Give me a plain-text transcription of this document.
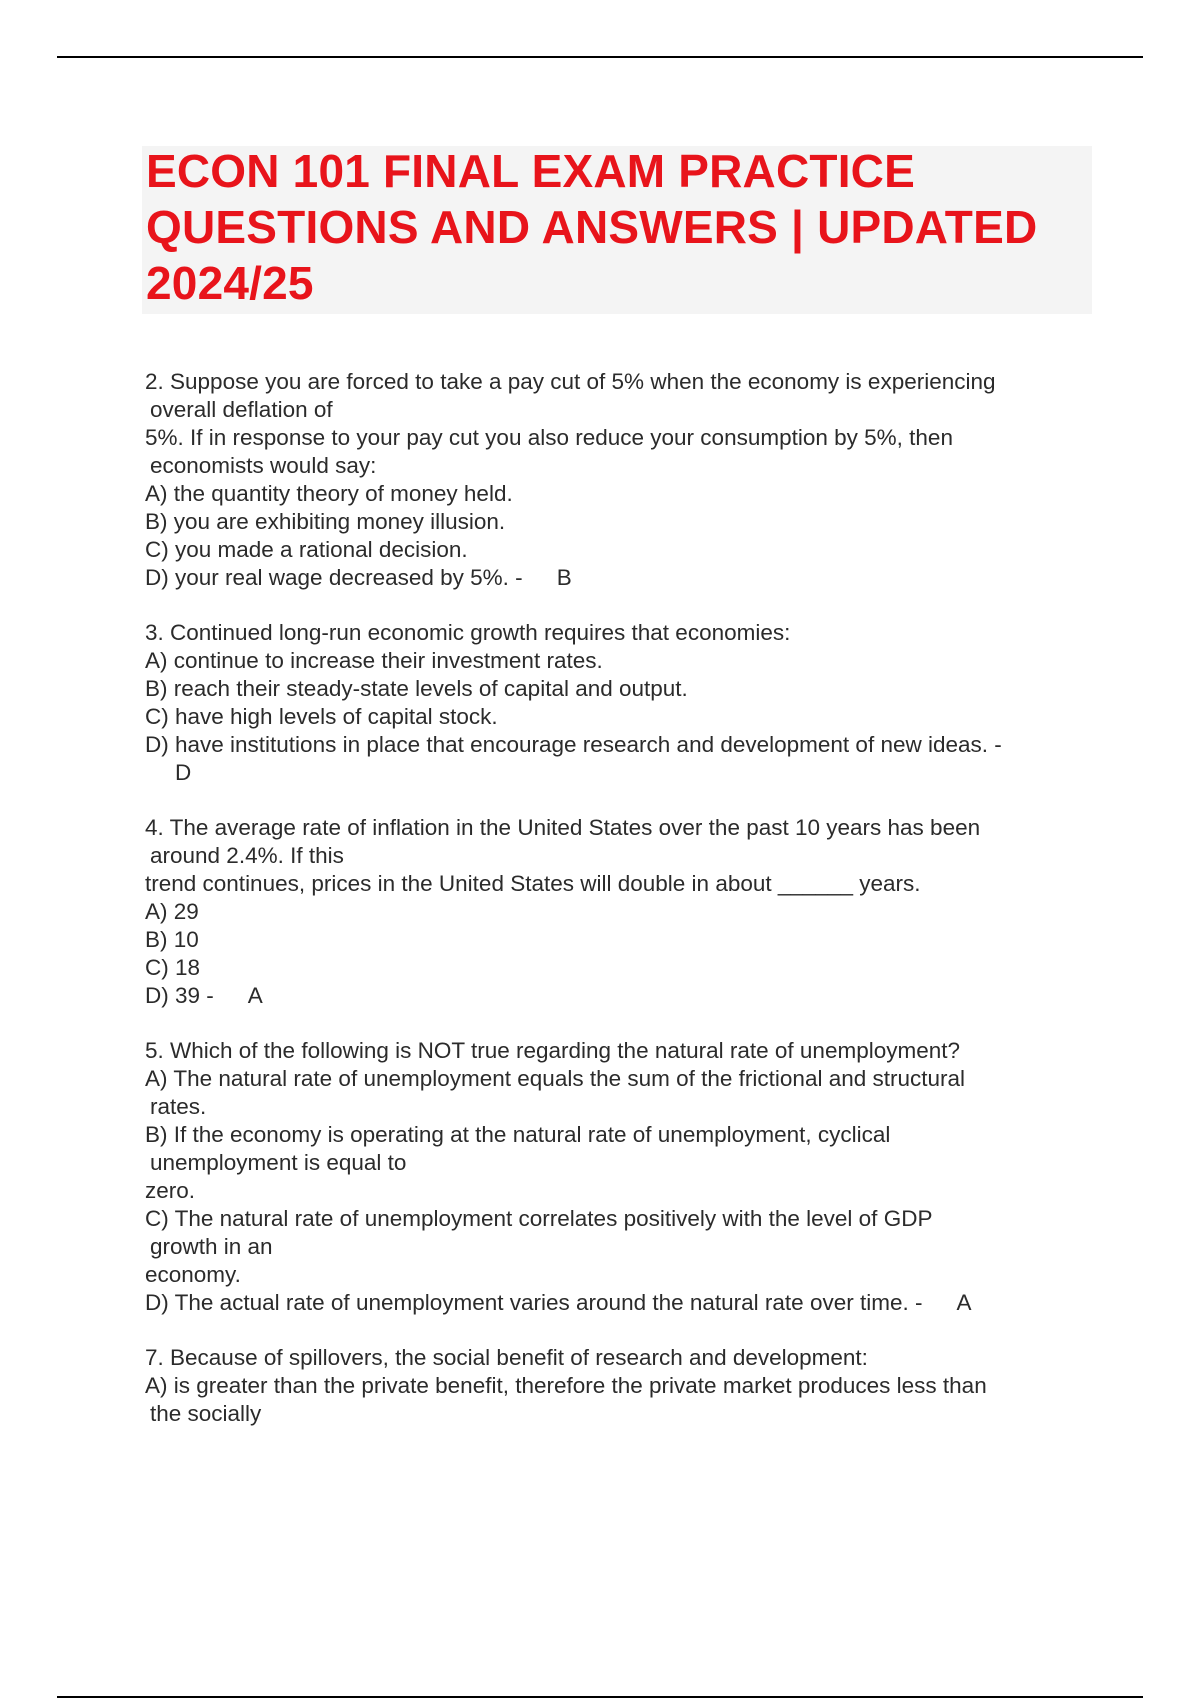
ECON 101 FINAL EXAM PRACTICE
QUESTIONS AND ANSWERS | UPDATED
2024/25
2. Suppose you are forced to take a pay cut of 5% when the economy is experiencing
overall deflation of
5%. If in response to your pay cut you also reduce your consumption by 5%, then
economists would say:
A) the quantity theory of money held.
B) you are exhibiting money illusion.
C) you made a rational decision.
D) your real wage decreased by 5%. - B
3. Continued long-run economic growth requires that economies:
A) continue to increase their investment rates.
B) reach their steady-state levels of capital and output.
C) have high levels of capital stock.
D) have institutions in place that encourage research and development of new ideas. -
D
4. The average rate of inflation in the United States over the past 10 years has been
around 2.4%. If this
trend continues, prices in the United States will double in about ______ years.
A) 29
B) 10
C) 18
D) 39 - A
5. Which of the following is NOT true regarding the natural rate of unemployment?
A) The natural rate of unemployment equals the sum of the frictional and structural
rates.
B) If the economy is operating at the natural rate of unemployment, cyclical
unemployment is equal to
zero.
C) The natural rate of unemployment correlates positively with the level of GDP
growth in an
economy.
D) The actual rate of unemployment varies around the natural rate over time. - A
7. Because of spillovers, the social benefit of research and development:
A) is greater than the private benefit, therefore the private market produces less than
the socially
